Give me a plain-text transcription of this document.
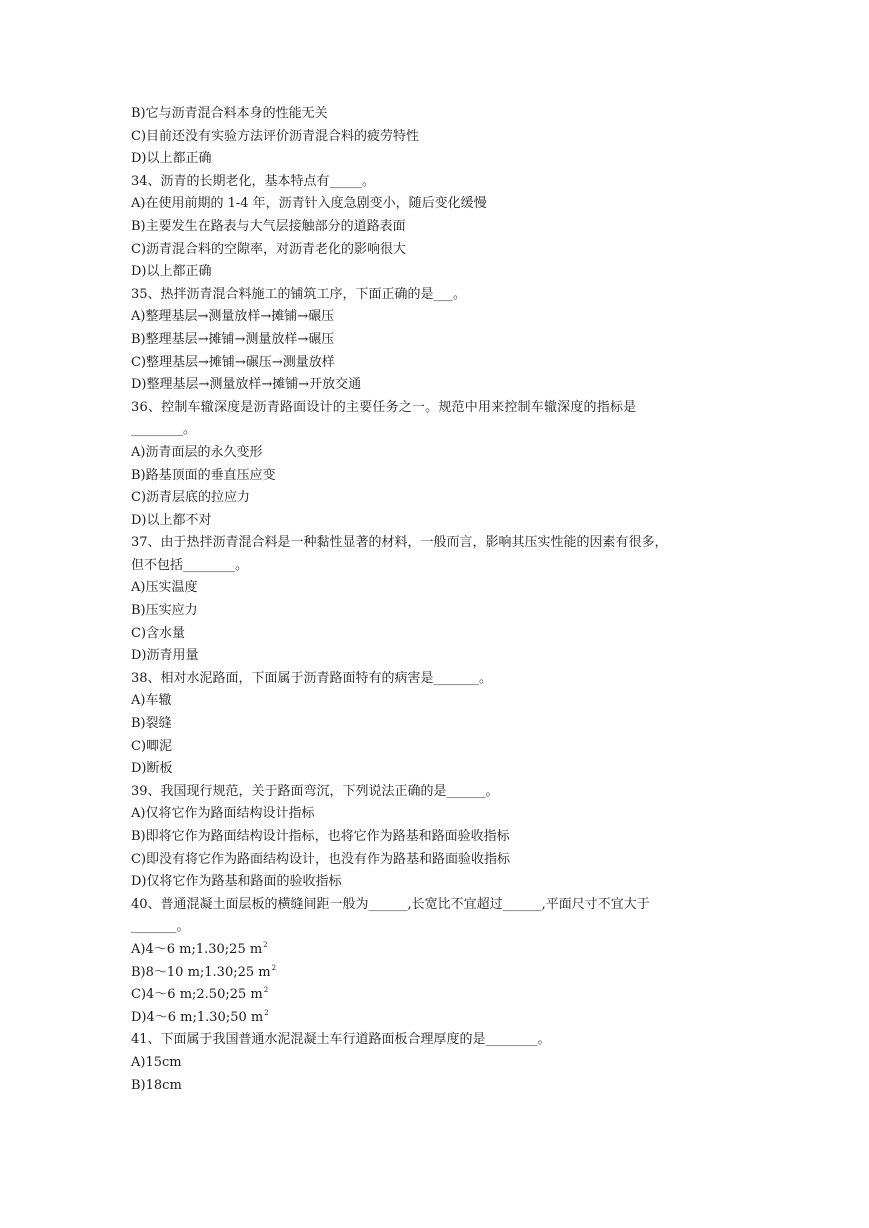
B)它与沥青混合料本身的性能无关
C)目前还没有实验方法评价沥青混合料的疲劳特性
D)以上都正确
34、沥青的长期老化，基本特点有_____。
A)在使用前期的 1-4 年，沥青针入度急剧变小，随后变化缓慢
B)主要发生在路表与大气层接触部分的道路表面
C)沥青混合料的空隙率，对沥青老化的影响很大
D)以上都正确
35、热拌沥青混合料施工的铺筑工序，下面正确的是___。
A)整理基层→测量放样→摊铺→碾压
B)整理基层→摊铺→测量放样→碾压
C)整理基层→摊铺→碾压→测量放样
D)整理基层→测量放样→摊铺→开放交通
36、控制车辙深度是沥青路面设计的主要任务之一。规范中用来控制车辙深度的指标是
________。
A)沥青面层的永久变形
B)路基顶面的垂直压应变
C)沥青层底的拉应力
D)以上都不对
37、由于热拌沥青混合料是一种黏性显著的材料，一般而言，影响其压实性能的因素有很多，
但不包括________。
A)压实温度
B)压实应力
C)含水量
D)沥青用量
38、相对水泥路面，下面属于沥青路面特有的病害是_______。
A)车辙
B)裂缝
C)唧泥
D)断板
39、我国现行规范，关于路面弯沉，下列说法正确的是______。
A)仅将它作为路面结构设计指标
B)即将它作为路面结构设计指标，也将它作为路基和路面验收指标
C)即没有将它作为路面结构设计，也没有作为路基和路面验收指标
D)仅将它作为路基和路面的验收指标
40、普通混凝土面层板的横缝间距一般为______,长宽比不宜超过______,平面尺寸不宜大于
_______。
A)4～6 m;1.30;25 $m^2$
B)8～10 m;1.30;25 $m^2$
C)4～6 m;2.50;25 $m^2$
D)4～6 m;1.30;50 $m^2$
41、下面属于我国普通水泥混凝土车行道路面板合理厚度的是________。
A)15cm
B)18cm
